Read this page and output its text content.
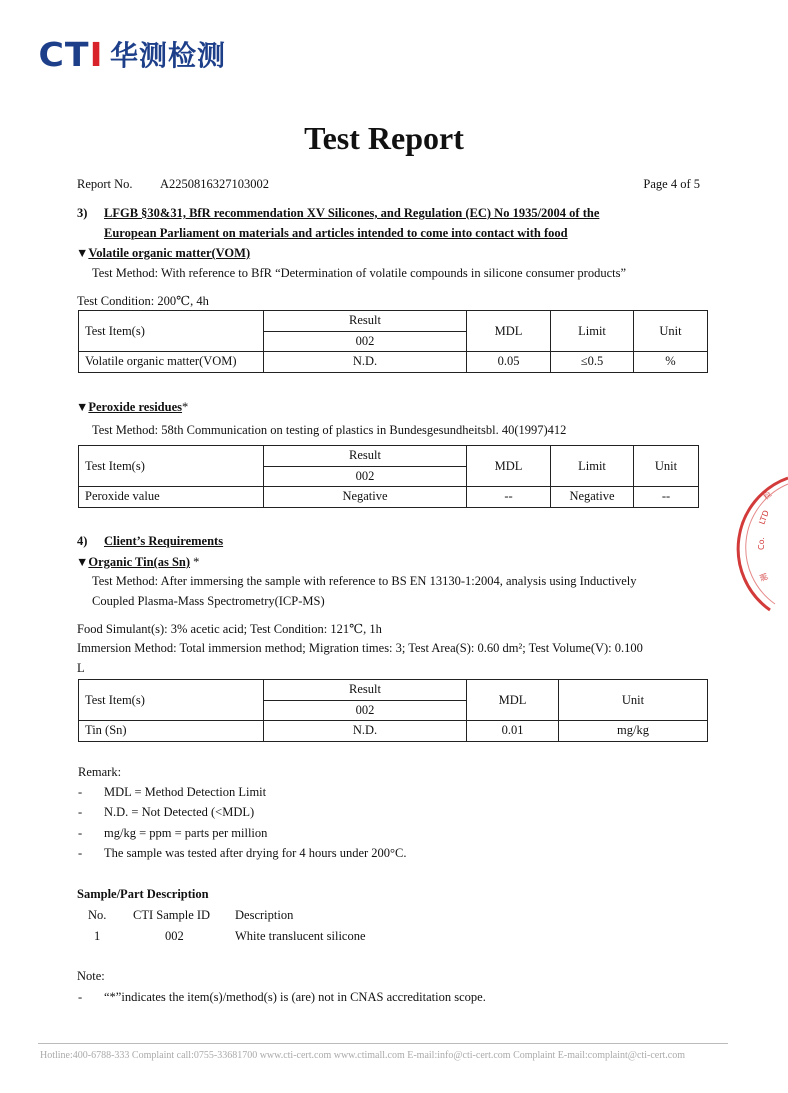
CTI 华测检测
Test Report
Report No. A2250816327103002	Page 4 of 5
3) LFGB §30&31, BfR recommendation XV Silicones, and Regulation (EC) No 1935/2004 of the
European Parliament on materials and articles intended to come into contact with food
▼Volatile organic matter(VOM)
Test Method: With reference to BfR “Determination of volatile compounds in silicone consumer products”
Test Condition: 200℃, 4h
Test Item(s)	Result	MDL	Limit	Unit
	002			
Volatile organic matter(VOM)	N.D.	0.05	≤0.5	%
▼Peroxide residues*
Test Method: 58th Communication on testing of plastics in Bundesgesundheitsbl. 40(1997)412
Test Item(s)	Result	MDL	Limit	Unit
	002			
Peroxide value	Negative	--	Negative	--
4) Client’s Requirements
▼Organic Tin(as Sn) *
Test Method: After immersing the sample with reference to BS EN 13130-1:2004, analysis using Inductively
Coupled Plasma-Mass Spectrometry(ICP-MS)
Food Simulant(s): 3% acetic acid; Test Condition: 121℃, 1h
Immersion Method: Total immersion method; Migration times: 3; Test Area(S): 0.60 dm²; Test Volume(V): 0.100
L
Test Item(s)	Result	MDL	Unit
	002		
Tin (Sn)	N.D.	0.01	mg/kg
Remark:
- MDL = Method Detection Limit
- N.D. = Not Detected (<MDL)
- mg/kg = ppm = parts per million
- The sample was tested after drying for 4 hours under 200°C.
Sample/Part Description
No. CTI Sample ID Description
1	002	White translucent silicone
Note:
- “*”indicates the item(s)/method(s) is (are) not in CNAS accreditation scope.
检
LTD
Co.
测
Hotline:400-6788-333 Complaint call:0755-33681700 www.cti-cert.com www.ctimall.com E-mail:info@cti-cert.com Complaint E-mail:complaint@cti-cert.com
